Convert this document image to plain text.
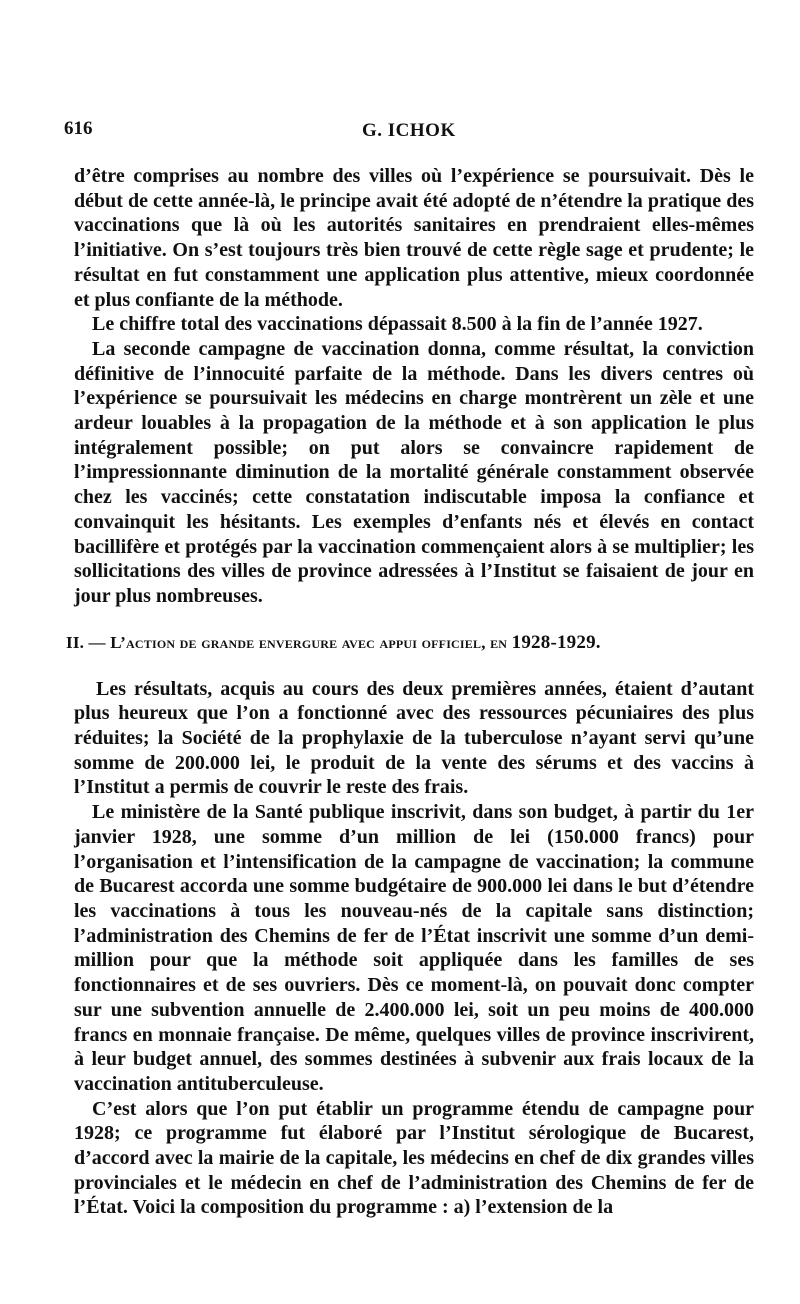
616	G. ICHOK

d’être comprises au nombre des villes où l’expérience se poursuivait. Dès le début de cette année-là, le principe avait été adopté de n’étendre la pratique des vaccinations que là où les autorités sanitaires en prendraient elles-mêmes l’initiative. On s’est toujours très bien trouvé de cette règle sage et prudente; le résultat en fut constamment une application plus attentive, mieux coordonnée et plus confiante de la méthode.

Le chiffre total des vaccinations dépassait 8.500 à la fin de l’année 1927.

La seconde campagne de vaccination donna, comme résultat, la conviction définitive de l’innocuité parfaite de la méthode. Dans les divers centres où l’expérience se poursuivait les médecins en charge montrèrent un zèle et une ardeur louables à la propagation de la méthode et à son application le plus intégralement possible; on put alors se convaincre rapidement de l’impressionnante diminution de la mortalité générale constamment observée chez les vaccinés; cette constatation indiscutable imposa la confiance et convainquit les hésitants. Les exemples d’enfants nés et élevés en contact bacillifère et protégés par la vaccination commençaient alors à se multiplier; les sollicitations des villes de province adressées à l’Institut se faisaient de jour en jour plus nombreuses.

II. — L’action de grande envergure avec appui officiel, en 1928-1929.

Les résultats, acquis au cours des deux premières années, étaient d’autant plus heureux que l’on a fonctionné avec des ressources pécuniaires des plus réduites; la Société de la prophylaxie de la tuberculose n’ayant servi qu’une somme de 200.000 lei, le produit de la vente des sérums et des vaccins à l’Institut a permis de couvrir le reste des frais.

Le ministère de la Santé publique inscrivit, dans son budget, à partir du 1er janvier 1928, une somme d’un million de lei (150.000 francs) pour l’organisation et l’intensification de la campagne de vaccination; la commune de Bucarest accorda une somme budgétaire de 900.000 lei dans le but d’étendre les vaccinations à tous les nouveau-nés de la capitale sans distinction; l’administration des Chemins de fer de l’État inscrivit une somme d’un demi-million pour que la méthode soit appliquée dans les familles de ses fonctionnaires et de ses ouvriers. Dès ce moment-là, on pouvait donc compter sur une subvention annuelle de 2.400.000 lei, soit un peu moins de 400.000 francs en monnaie française. De même, quelques villes de province inscrivirent, à leur budget annuel, des sommes destinées à subvenir aux frais locaux de la vaccination antituberculeuse.

C’est alors que l’on put établir un programme étendu de campagne pour 1928; ce programme fut élaboré par l’Institut sérologique de Bucarest, d’accord avec la mairie de la capitale, les médecins en chef de dix grandes villes provinciales et le médecin en chef de l’administration des Chemins de fer de l’État. Voici la composition du programme : a) l’extension de la
